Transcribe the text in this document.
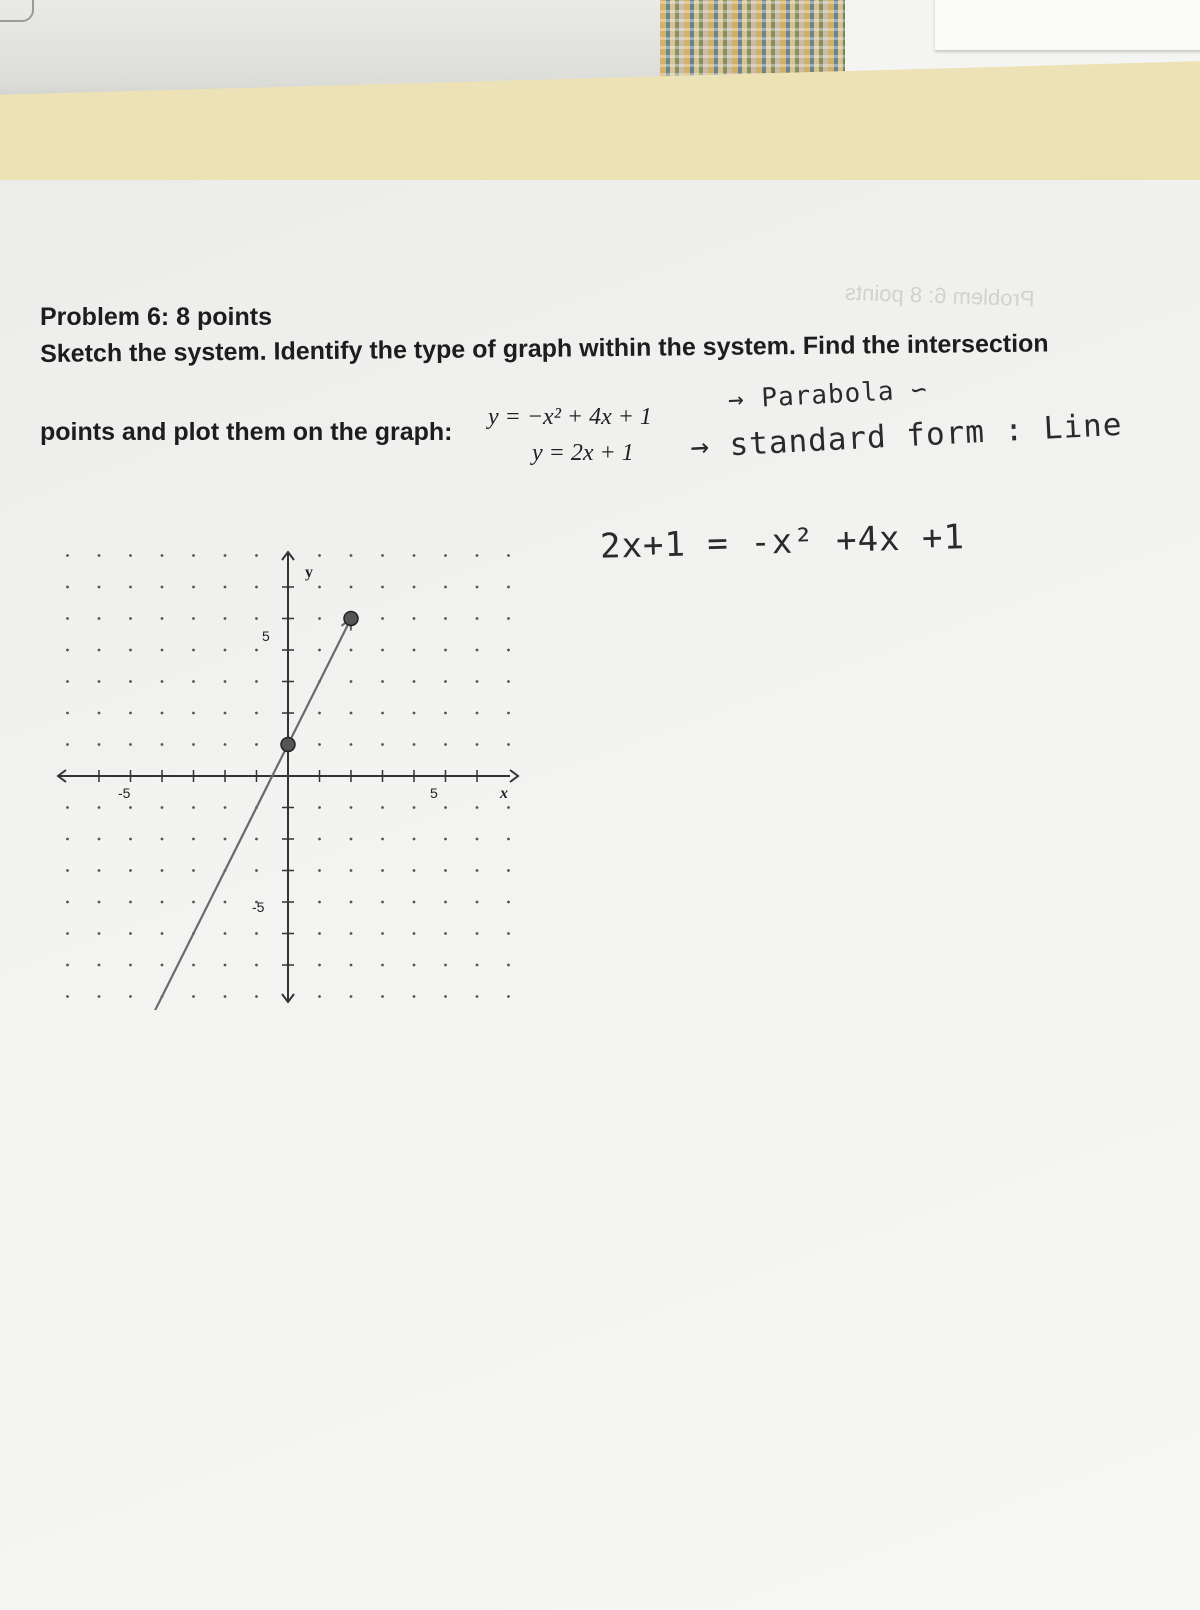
Problem 6: 8 points
Problem 6: 8 points
Sketch the system. Identify the type of graph within the system. Find the intersection
points and plot them on the graph:
y = −x² + 4x + 1
y = 2x + 1
→ Parabola ∽
→ standard form : Line
2x+1 = -x² +4x +1
y
x
5
-5
5
-5
